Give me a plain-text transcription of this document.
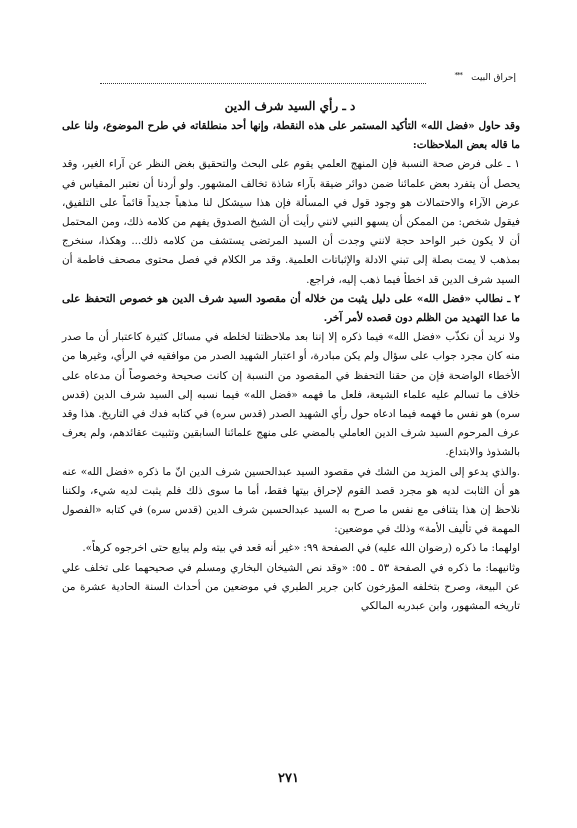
إحراق البيت
***
د ـ رأي السيد شرف الدين

وقد حاول «فضل الله» التأكيد المستمر على هذه النقطة، وإنها أحد منطلقاته في طرح الموضوع، ولنا على ما قاله بعض الملاحظات:

١ ـ على فرض صحة النسبة فإن المنهج العلمي يقوم على البحث والتحقيق بغض النظر عن آراء الغير، وقد يحصل أن يتفرد بعض علمائنا ضمن دوائر ضيقة بآراء شاذة تخالف المشهور. ولو أردنا أن نعتبر المقياس في عرض الآراء والاحتمالات هو وجود قول في المسألة فإن هذا سيشكل لنا مذهباً جديداً قائماً على التلفيق، فيقول شخص: من الممكن أن يسهو النبي لانني رأيت أن الشيخ الصدوق يفهم من كلامه ذلك، ومن المحتمل أن لا يكون خبر الواحد حجة لانني وجدت أن السيد المرتضى يستشف من كلامه ذلك... وهكذا، سنخرج بمذهب لا يمت بصلة إلى تبني الادلة والإثباتات العلمية. وقد مر الكلام في فصل محتوى مصحف فاطمة أن السيد شرف الدين قد اخطأ فيما ذهب إليه، فراجع.

٢ ـ نطالب «فضل الله» على دليل يثبت من خلاله أن مقصود السيد شرف الدين هو خصوص التحفظ على ما عدا التهديد من الظلم دون قصده لأمر آخر.

ولا نريد أن نكذّب «فضل الله» فيما ذكره إلا إننا بعد ملاحظتنا لخلطه في مسائل كثيرة كاعتبار أن ما صدر منه كان مجرد جواب على سؤال ولم يكن مبادرة، أو اعتبار الشهيد الصدر من موافقيه في الرأي، وغيرها من الأخطاء الواضحة فإن من حقنا التحفظ في المقصود من النسبة إن كانت صحيحة وخصوصاً أن مدعاه على خلاف ما تسالم عليه علماء الشيعة، فلعل ما فهمه «فضل الله» فيما نسبه إلى السيد شرف الدين (قدس سره) هو نفس ما فهمه فيما ادعاه حول رأي الشهيد الصدر (قدس سره) في كتابه فدك في التاريخ. هذا وقد عرف المرحوم السيد شرف الدين العاملي بالمضي على منهج علمائنا السابقين وتثبيت عقائدهم، ولم يعرف بالشذوذ والابتداع.

.والذي يدعو إلى المزيد من الشك في مقصود السيد عبدالحسين شرف الدين انّ ما ذكره «فضل الله» عنه هو أن الثابت لديه هو مجرد قصد القوم لإحراق بيتها فقط، أما ما سوى ذلك فلم يثبت لديه شيء، ولكننا نلاحظ إن هذا يتنافى مع نفس ما صرح به السيد عبدالحسين شرف الدين (قدس سره) في كتابه «الفصول المهمة في تأليف الأمة» وذلك في موضعين:

اولهما: ما ذكره (رضوان الله عليه) في الصفحة ٩٩: «غير أنه قعد في بيته ولم يبايع حتى اخرجوه كرهاً».

وثانيهما: ما ذكره في الصفحة ٥٣ ـ ٥٥: «وقد نص الشيخان البخاري ومسلم في صحيحهما على تخلف علي عن البيعة، وصرح بتخلفه المؤرخون كابن جرير الطبري في موضعين من أحداث السنة الحادية عشرة من تاريخه المشهور، وابن عبدربه المالكي

٢٧١
